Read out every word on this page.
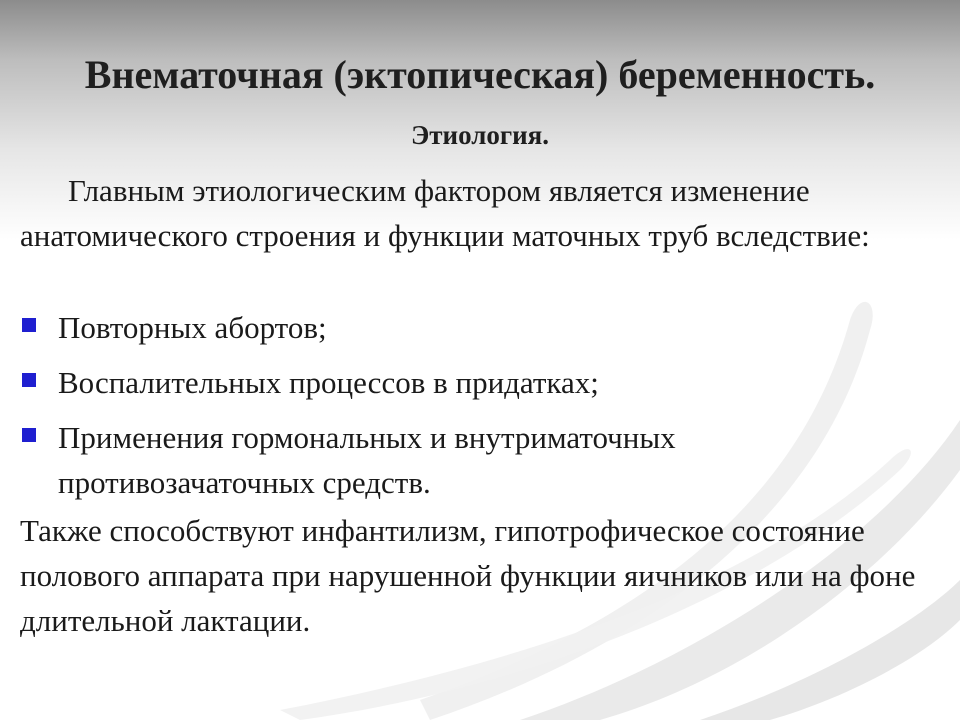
Внематочная (эктопическая) беременность.
Этиология.

Главным этиологическим фактором является изменение анатомического строения и функции маточных труб вследствие:

Повторных абортов;
Воспалительных процессов в придатках;
Применения гормональных и внутриматочных противозачаточных средств.

Также способствуют инфантилизм, гипотрофическое состояние полового аппарата при нарушенной функции яичников или на фоне длительной лактации.
